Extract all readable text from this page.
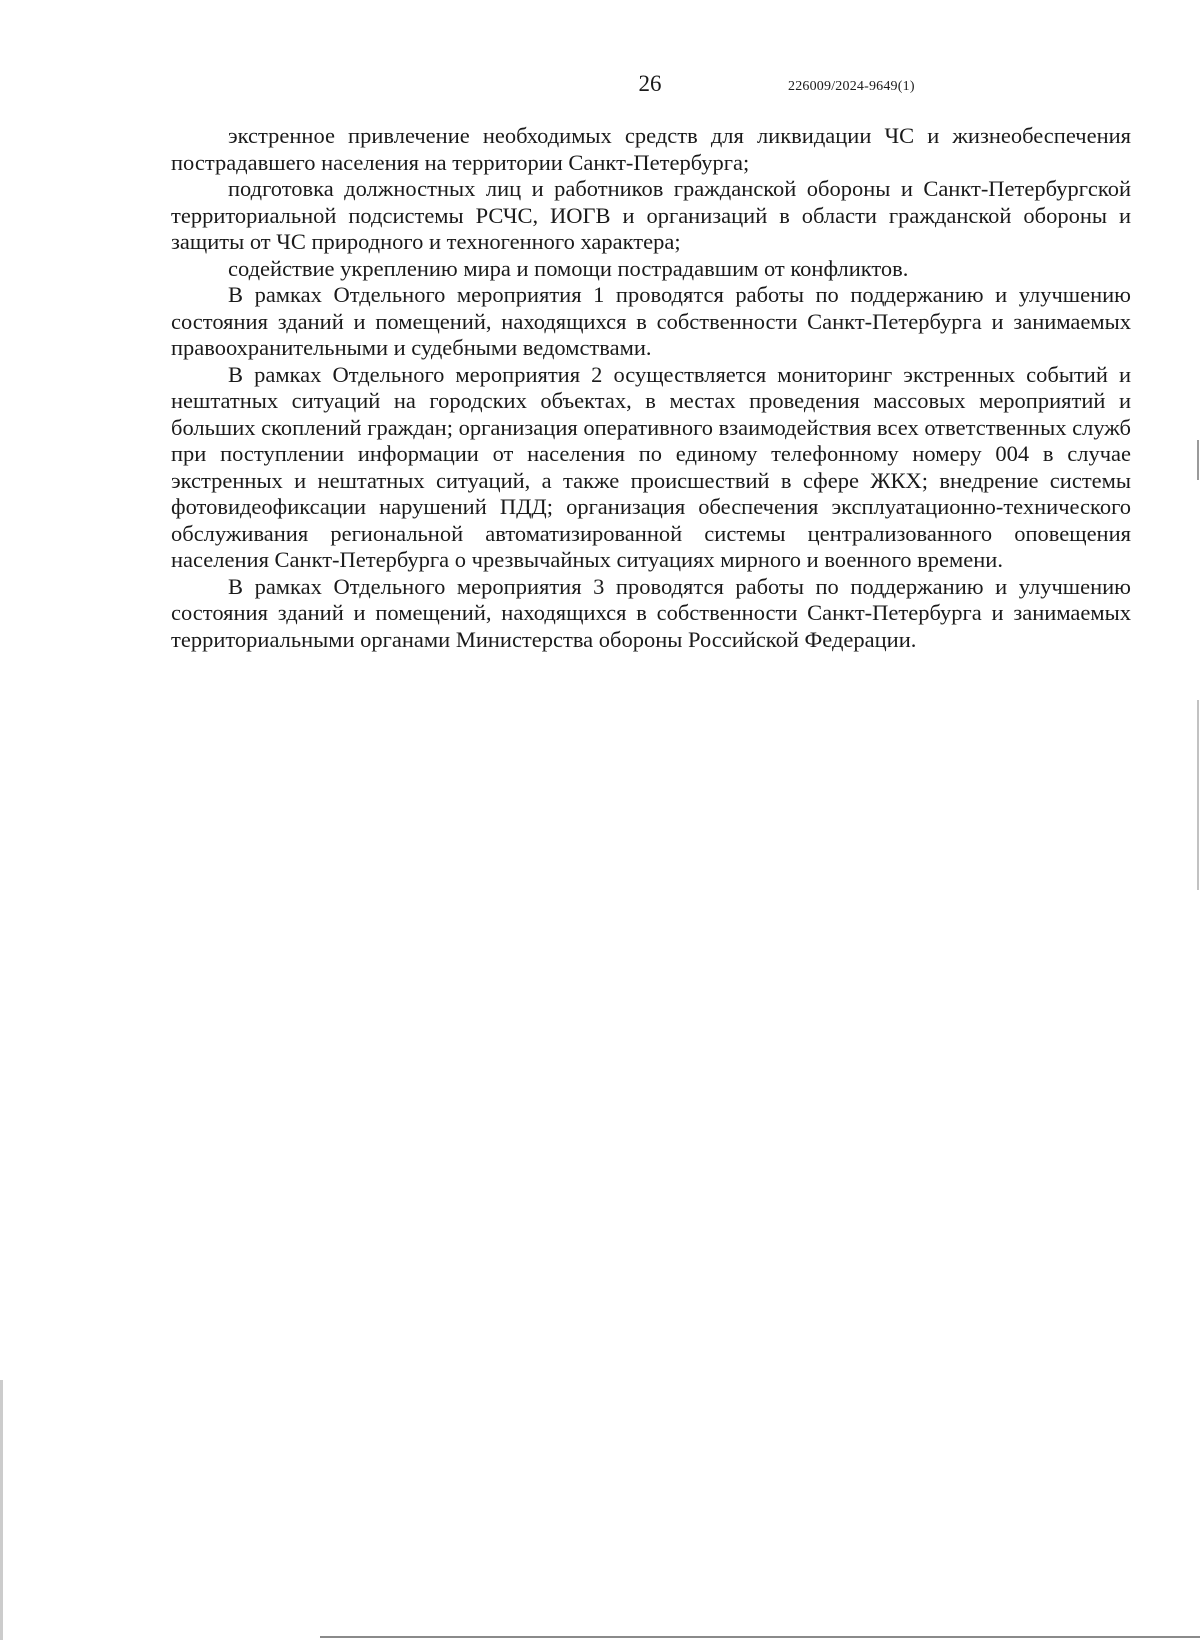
26	226009/2024-9649(1)

экстренное привлечение необходимых средств для ликвидации ЧС и жизнеобеспечения пострадавшего населения на территории Санкт-Петербурга;

подготовка должностных лиц и работников гражданской обороны и Санкт-Петербургской территориальной подсистемы РСЧС, ИОГВ и организаций в области гражданской обороны и защиты от ЧС природного и техногенного характера;

содействие укреплению мира и помощи пострадавшим от конфликтов.

В рамках Отдельного мероприятия 1 проводятся работы по поддержанию и улучшению состояния зданий и помещений, находящихся в собственности Санкт-Петербурга и занимаемых правоохранительными и судебными ведомствами.

В рамках Отдельного мероприятия 2 осуществляется мониторинг экстренных событий и нештатных ситуаций на городских объектах, в местах проведения массовых мероприятий и больших скоплений граждан; организация оперативного взаимодействия всех ответственных служб при поступлении информации от населения по единому телефонному номеру 004 в случае экстренных и нештатных ситуаций, а также происшествий в сфере ЖКХ; внедрение системы фотовидеофиксации нарушений ПДД; организация обеспечения эксплуатационно-технического обслуживания региональной автоматизированной системы централизованного оповещения населения Санкт-Петербурга о чрезвычайных ситуациях мирного и военного времени.

В рамках Отдельного мероприятия 3 проводятся работы по поддержанию и улучшению состояния зданий и помещений, находящихся в собственности Санкт-Петербурга и занимаемых территориальными органами Министерства обороны Российской Федерации.
